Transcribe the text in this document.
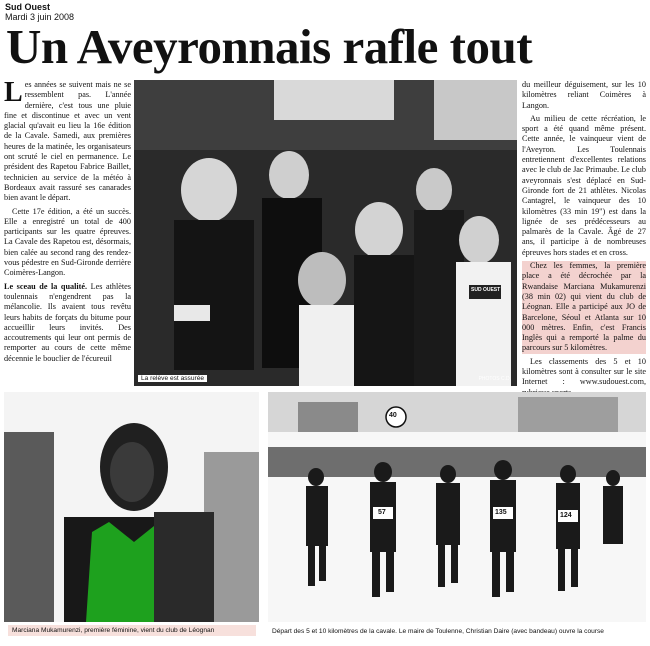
Sud Ouest
Mardi 3 juin 2008
Un Aveyronnais rafle tout

Les années se suivent mais ne se ressemblent pas. L'année dernière, c'est tous une pluie fine et discontinue et avec un vent glacial qu'avait eu lieu la 16e édition de la Cavale. Samedi, aux premières heures de la matinée, les organisateurs ont scruté le ciel en permanence. Le président des Rapetou Fabrice Baillet, technicien au service de la météo à Bordeaux avait rassuré ses canarades bien avant le départ.

Cette 17e édition, a été un succès. Elle a enregistré un total de 400 participants sur les quatre épreuves. La Cavale des Rapetou est, désormais, bien calée au second rang des rendez-vous pédestre en Sud-Gironde derrière Coimères-Langon.

Le sceau de la qualité. Les athlètes toulennais n'engendrent pas la mélancolie. Ils avaient tous revêtu leurs habits de forçats du bitume pour accueillir leurs invités. Des accoutrements qui leur ont permis de remporter au cours de cette même décennie le bouclier de l'écureuil

SUD OUEST
La relève est assurée	PHOTOS C.D.

du meilleur déguisement, sur les 10 kilomètres reliant Coimères à Langon.

Au milieu de cette récréation, le sport a été quand même présent. Cette année, le vainqueur vient de l'Aveyron. Les Toulennais entretiennent d'excellentes relations avec le club de Jac Primaube. Le club aveyronnais s'est déplacé en Sud-Gironde fort de 21 athlètes. Nicolas Cantagrel, le vainqueur des 10 kilomètres (33 min 19") est dans la lignée de ses prédécesseurs au palmarès de la Cavale. Âgé de 27 ans, il participe à de nombreuses épreuves hors stades et en cross.

Chez les femmes, la première place a été décrochée par la Rwandaise Marciana Mukamurenzi (38 min 02) qui vient du club de Léognan. Elle a participé aux JO de Barcelone, Séoul et Atlanta sur 10 000 mètres. Enfin, c'est Francis Inglès qui a remporté la palme du parcours sur 5 kilomètres.

Les classements des 5 et 10 kilomètres sont à consulter sur le site Internet : www.sudouest.com,

Marciana Mukamurenzi, première féminine, vient du club de Léognan
40
57	135	124
Départ des 5 et 10 kilomètres de la cavale. Le maire de Toulenne, Christian Daire (avec bandeau) ouvre la course
